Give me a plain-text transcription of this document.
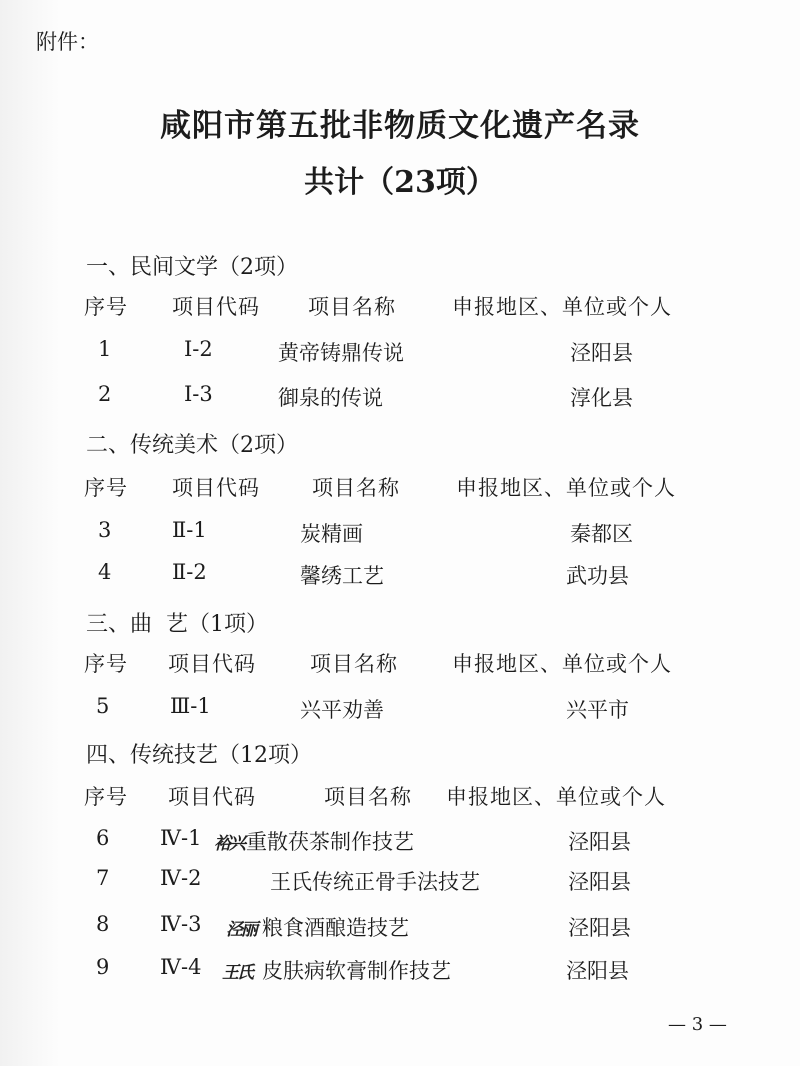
附件：
咸阳市第五批非物质文化遗产名录
共计（23项）
一、民间文学（2项）
序号 项目代码 项目名称	申报地区、单位或个人
1	Ⅰ-2	黄帝铸鼎传说	泾阳县
2	Ⅰ-3	御泉的传说	淳化县
二、传统美术（2项）
序号 项目代码 项目名称	申报地区、单位或个人
3	Ⅱ-1	炭精画	秦都区
4	Ⅱ-2	馨绣工艺	武功县
三、曲  艺（1项）
序号 项目代码	项目名称	申报地区、单位或个人
5	Ⅲ-1	兴平劝善	兴平市
四、传统技艺（12项）
序号 项目代码	项目名称 申报地区、单位或个人
6 Ⅳ-1 裕兴 重散茯茶制作技艺	泾阳县
7 Ⅳ-2	王氏传统正骨手法技艺	泾阳县
8 Ⅳ-3 泾丽 粮食酒酿造技艺	泾阳县
9 Ⅳ-4 王氏 皮肤病软膏制作技艺	泾阳县
— 3 —
